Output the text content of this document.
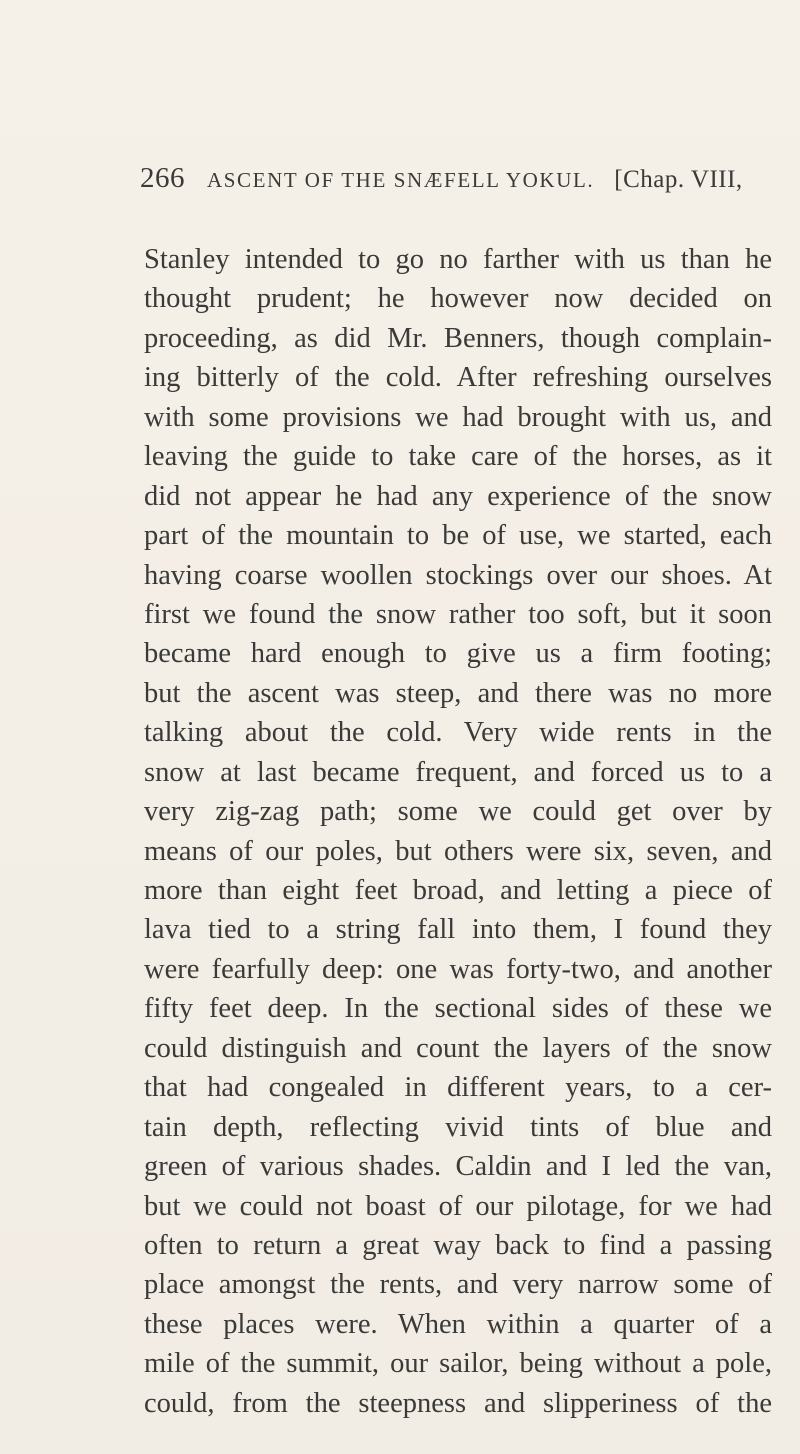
266 ASCENT OF THE SNÆFELL YOKUL. [Chap. VIII,
Stanley intended to go no farther with us than he
thought prudent; he however now decided on
proceeding, as did Mr. Benners, though complain-
ing bitterly of the cold. After refreshing ourselves
with some provisions we had brought with us, and
leaving the guide to take care of the horses, as it
did not appear he had any experience of the snow
part of the mountain to be of use, we started, each
having coarse woollen stockings over our shoes. At
first we found the snow rather too soft, but it soon
became hard enough to give us a firm footing;
but the ascent was steep, and there was no more
talking about the cold. Very wide rents in the
snow at last became frequent, and forced us to a
very zig-zag path; some we could get over by
means of our poles, but others were six, seven, and
more than eight feet broad, and letting a piece of
lava tied to a string fall into them, I found they
were fearfully deep: one was forty-two, and another
fifty feet deep. In the sectional sides of these we
could distinguish and count the layers of the snow
that had congealed in different years, to a cer-
tain depth, reflecting vivid tints of blue and
green of various shades. Caldin and I led the van,
but we could not boast of our pilotage, for we had
often to return a great way back to find a passing
place amongst the rents, and very narrow some of
these places were. When within a quarter of a
mile of the summit, our sailor, being without a pole,
could, from the steepness and slipperiness of the
